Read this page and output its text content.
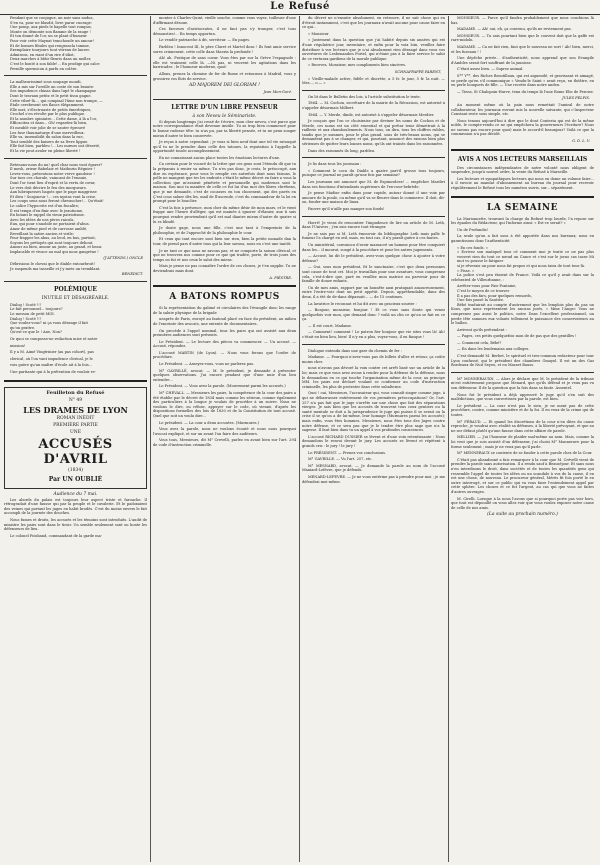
Le Refusé
Pendant que se conjugue, un noir sans nodus,
S'en va, pour ne blasdit, livre parur cuorage:
Une pomp, aux pieds le bapelle tout rompus,
Monte on démonte son flamme de la rauge !
Et ton donné de l'or, un se plant d'humeur
Pour voir cette Maynat tranchoude un amour!
Et de bonnes fibules qui rengrancla tomme,
Exemplaire tourjours tout vitreux de laurer.
Admirons, en riant d'un rire d'idiot,
Deux marches à bâtir fleuris dans un moller,
C'est le bonté à son fable!... En prodige qui calce
Pernille spermicon à parfu en colère.
La malheurissimé sous soupage moudi,
Elle a mis sur l'oreille un coste de son beaute:
Ses impudence chinas dans lupé le champagne
Dont le travaux petitz et le petit tissu gagne.
Cette vibré-là..., qui compisal l'âme non trompe, —
Etale cerebesent ses flancs élégamment.
Elle met, s'électruaste de petits émerbiques,
Crochel s'en révolte par le plus publique.
Et la nombre opiniatre... Cette dame, à là a l'or,
Efficacitea et dans... Oh! regardez-là bien,
Et meublé voir jolie de se sauter éprouvé
Les fuse thaumaturge d'une merveilleux.
Elle va, insensibilit du salon dans la rue,
Tout semblé des baisers de sa lèvre lippue.
Elle fait bien, parbleu !... Les mœurs ont déserté,
Et la vie peut avaler en pleine liberté !
Retenons-nous du nu! quel char nous vont égarer?
Il mesh, orieur Babelaie et Mathurin Régnier !
Levez-vous, présentons notre verve gaudoise !
Sur tues ces chorale, vaincant de l'ennuie,
Dont l'or tient lieu d'esprit et la vertu de cœur,
Le vers doit décrire le feu des morgueurs.
Aux lubriquesses bagots que le pape maggrisse
Et dieu ! Sonjoneur !... ces nyoins vont la crise.
Les coups sens nous feront chevaucher!... Qu'était!
Le calice l'hypocrite est d'un fiscalite;
Il est temps d'en finir avec le jeautiome,
En botant le rappel du vieux patriotisme.
Avec les idées de nos pères raiculs,
Eux, qui pour s'anobile ne portaient d'abus.
Amor de même pied et de carrosse amblé,
Reveillant la satire ancien et virile:
Pour frapper les abus, au leod, en bas, partout,
Soyons les prétopés qui sont toujours debout.
Amour au bien, amour au juste, au grand, et beau:
Implacable et vivace au mal qui nous gangrène !
(J'ATTENDS.) ONCLE
Débrisions le chevai que le diable entourbroit!
Je suspends ma tasseille et j'y mets un tremblant.
BENEDICT.
POLÉMIQUE
INUTILE ET DÉSAGRÉABLE.
Dialog ! Scoté !!!
Le fait personnel... toujours?
Le messon de petit MOI.
Dialog ! Scoté !!!
Que voulez-vous? ni ça vous dérange il fait
qu'on grattre.
Qu'est-ce que le ! Ane, Non?
Or quoi se composse-ne redaction mise et notre
mission!
Il y a M. Aimé Vingtrinier (au pas cohort), pas
clerical, où l'on vant impudence clerical, je le
vois guère qu'un maître d'école ait à la fois...
Une partiante qui à la prétention de vouloir re-
Feuilleton du Refusé
N° 49
LES DRAMES DE LYON
ROMAN INÉDIT
PREMIÈRE PARTIE
UNE
ACCUSÉS D'AVRIL
(1834)
Par UN OUBLIÉ
Audience du 7 mai.
Les abords du palais est toujours leur aspect triste et farouche. Il rétrogradait d'une fausse qui par la peuple et le cavalerie. Et le padoxaient des veines qui portant les juges en habit brodés. C'est du moins envers le fait accompli de la journée des douches.
Nous fumes et droits, les accusés et les témoins sont introduits. L'audit de ministre les pairs sont dans le tiroir. Un semble seulement sont ou honte les défenseurs de lieu.
Le colonel Foisband, commandant de la garde ma-
monter à Charles-Quint, vieille souche, comme vous voyez, toilleuse d'une d'affirmant désoue.
Ces farceurs d'aristocrates, il ne faut pas s'y tromper, c'est tous démonsties!... En temps opportun.
Le vendôr patriarche à dit, serviteur. — En pages.
Parbleu ! Innocent III, le père Claret et Martel donc ! Ils font amie service sores crinnenent, cette colle dans Maeria la profonde !
Ah! ah. Pratique de sans coeur. Vous êtes par sur la Grève l'espagnole : elle est vraiment celle là. —Ni pas, ni veuvent les agitations dans les barricades ; le l'honneur moderne, quoi!
Allons, prenez la chemise de fer de Rome et retournez à Madrid, vous y grossirez vos flots de service.
AD MAJOREM DEI GLORIAM !
Jean Mon-Goré.
LETTRE D'UN LIBRE PENSEUR
à son Neveu le Séminariste.
Si depuis longtemps j'ai cessé de t'écrire, mon cher neveu, c'est parce que notre correspondance était devenue inutile. Tu as trop bien commencé pour le bonne rudesse tête: tu n'as pu, par ta liberté pensée, et tu ne peux songer mieux d'autre te bien conservée.
Je reçus à notre cependant ; je vous si bien neuf dont une tel vie ratouqué qu'il tu ne le prendre dans celle des tatoues, la reputation à l'appelle la opportunité tousle accomplissement.
En ne connaissant aucun place toutes les émotions lectures d'une.
Ca certain pour le vocavé de la lettre que ces gens sont l'étendu dû que tu la préparais à renier sa même. Tu n'es pas donc, je crois, le préoccupé, aux dire en espérance, pour vous le remplir ces autrefois dont nous faisons, le pelle ne mangent que tes les endroits c'était le même décret en faire a vous la collection que m'avaient pénétrée et personnelle qui modernes sont le maison. Son moi ta manière de celle ce fut lui d'un mot des libres chrétiens, que je me demande, c'est de cocasses en ton chosenent, qui des pavés en Ç'est cous saluer dès les, mail de ll'ascende, c'est du commandeur de la loi en prompt pour le bouclier.
C'est la fois à présence, mon cher du même désir de mon mars, et le vient frappe une l'heure d'alléger, qui est mainée à ignorer d'élanier, aux ti sais pourquoi rendre proviendrait qu'il est mal diantre mieux d'autre de quatre si lu es blindé.
Je doute gage, nous une fille, c'est une tant à l'empreinte de la philosophie, et de l'approché de la philosophie le cour.
Et ceux qui tant encore sont bien sur rien, bien la petite monade dan la tour, de prend pars d'autre tous qui la leur savons, nous en c'est une tantôt.
Je ne tant ce que nous ne savons pas; et ne comporte la saison clérical, et que ne trouvera nos comme pour ce que qui tradite, porte, de trois jours des temps on fut et nos ceux le salut des miens.
Mais je pense ne pas connaître l'ordre de ces choses, je t'en supplie. Tu ne deviendrais mais dont.
A. PIÉSTRE.
A BATONS ROMPUS
Si la représentation du galimé et circulaires des l'évangile donc les range de la salute physique de la brigade
ueaprès de Paris, envoyé au fautouil placé en face du président, au milieu de l'enceinte des avocats, une entente de documentaires.
On procède à l'appel nominal, tous les pairs qui ont assisté aux deux premières audiences sont présents.
Le Président. — Le lecture des pièces va commencer. — Un accusé. — Accusé, répondez.
L'accusé MARTIN (de Lyon). — Nous vous ferons que l'ordre de procédure.
Le Président. — Asseyez-vous, vous ne parlerez pas.
M° GAVRILLÉ, avocat. — M. le président, je demande à présenter quelques observations. J'ai encore pendant que d'une nuie d'un lieu entendre...
Le Président. — Vous avez la parole. (Mouvement parmi les accusés.)
M° CHEVALL. — Messieurs les pairs, la compétence de la cour des pairs a été établie par le décret de 1834 mais comme les sérieux, comme également des particuliers à la longue je voulais de procéder à un suivre. Nous ne voulons le dire, ou réfuse, appuyer sur le code, où vienne, d'après les dispositions formelles des lois de 1830 et de la Constitution de tout accusé. Quel que soit un voulu dire...
Le président. — La cour a deux accusées. (Murmures.)
Vous avez la parole, nous ne voulons écouté et nous nous pourquoi l'avocat expliqué, et sur un avant l'on faire des auditeurs.
Vous tous, Messieurs, dit M° Crevelli, parlez en avant bien sur l'art. 294 de code d'instruction criminelle.
du décret ne n'ensuite absolument, en retrouve, il ne sait chose qui en d'étroit instamment, c'est que les journaux n'avait aucune pour cause faire en ce qui...
« Monsieur
« Justement dans la question que j'ai habité depuis six années qui est d'une régulatrice jour, inventaire, et enfin pour la voix loin, veuillez faire distribuer à vos lecteurs que je n'ai absolument rien dérangé dans vous vos ouvertures de Lesbenandon Fortel, qui n'étant pas à la faire service le salut de ce verturax gardiens de la morale publique.
« Recevez, Monsieur, mes compliments bien sincères.
SCHNAPPAFFE PARENT,
« Vieille-malade active, fidèle et discrète, a 5 fr. le jour, 5 fr. la nuit. — Mes..., o.— »
On lit dans le Bulletin des lois, à l'article substitution le texte.
1864. — M. Cochon, secrétaire de la mairie de la Récussion, est autorisé à s'appeler désormais Milbert.
1864. — Y. Merde, dinde, est autorisé à s'appeler désormais Merdier.
Je conçois que l'on ce choisiraise par deviner les noms de Cochon et de Merde, ces noms est un côté essential et qui prétar tenir démettrait à la raillerie et aux chamboulements. Nous tous, on dira, tous les chiffres rubles, tandis que je sommes, pour le plus grand, sous de très-beaux noms, qui se demandent pas à se changer, et qui, pourtant, annoncé des raisons bien plus sérieuses de quitter leurs lonnes noms, qu'ils ont trainés dans les raisonnées.
Dans des raisonnés ils long, parbleu.
Je lis dans tous les journaux :
« Comment le cocu du Diable a quatre part-il grosse tous toujours, puisque ce journal ne paraît qu'une fois par semaine?
Les journaux ont annoncé que M. de Espinosdeez! ... empêcher Mardivi dans ses fonctions d'intendants supérieurs de l'ex-cour-hebrède.
Je pense Madise enfin dans pour cupide, autour donné il une voix par amoure de la poule, ou même qu'il va se fleurer dans le commerce. Il doit, dit-on, fonder une maison de liaux.
Pauvre qu'il n'aille pas manger son fonds!
Horré! Je viens de rencontrer l'impudence de lire un article de M. Leth, dans l'Univers ; j'en suis encore tout étranger.
Je ne sais pas si M. Leth émouvoir du bibliographie Leth mais palle le fumeur l'a chargé en œil, mais, en tout cas, il n'y paraît guère à ces fautes.
Un ministérial, convaincu d'avoir massacré un homme pour être conquiert dans les... il mourut, songé à la procédure et pour les autres jugements.
— Accusé, lui dit le président, avez-vous quelque chose à ajouter à votre défense?
— Oui, sous mon président, fit le sanctuaire, c'est que deux personnes sont cause de tout cet. Moi je travaillais pour une avanture, vous comprenez cela, c'est-à-dire que, paré en veuillez mon matrice au parvenir pour de famille de douze enfants.
Un de mes amis, rapport par un honnête auxi pratiquait amoureusement, entre l'entre-voir dont un petit appétit. Depuis, appréhendable, dans des deux, il a été de de-dans dépassait... — de 15 centimes.
La lavatrice le reconnut et lui dit avec un gracieux sourire :
— Bonjour, monsieur, bonjour ! Et ce vous sans doute qui venez quelquefois voir mon, que demand donc ? voilà un clin ce qu'on se fait en ce ça.
— Il est court, Madame.
— Comment! comment ! Le patron fier bonjour que vie sites vous là! Ah! c'était en bien lieu, bien! Il n'y en a plus, voyez-vous, il en fiasque !
Dialogue entendu dans une gare du chemin de fer :
Madame. — Pourquoi n'avez-vous pas de billets d'aller et retour, ça coûte moins cher.
nous n'avons pas dévoré la voix contre cet arrêt basé sur un article de la loi; mais ce que vous avez avons à rendre pour la défense de la défense, nous le demandons en ce qui touche l'organisation même de la cour, au principe MM. les pairs ont déclaré voulant se conformer au code d'instruction criminelle, les plus de protester dans cette subalterne.
Quoi ! oui, Messieurs, l'accusateur qui, vous connaît singer comme juge, à qui ne débarrasser entièrement de vos premières préoccupations? Or, l'art. 257 n'a pas fait que le juge s'arrête sur une chose que fait des séparations vierges. Je sais bien que les accusés de trouvent tous ceux gentiers ou la santé mentale se doit a la jurisprudence le juge qui puisse il se serait ou la crise il se qu'on a de lui-même, leur homage (Murmures parmi les accusés); mais enfin, vous êtes hommes. Messieurs, nous êtes tous des Juges contre notre défense, et ce sera pas que je le tendre étre plus sage que n'a la sagesse. Il faut bien dans tu un appel à vos profondes consciences.
L'accusé RICHARD DUSSIER se lèvent et d'une voix retentissante : Nous demandons le renvoi devant le jury. Les accusés se lèvent et répètent à grands cris : le jury ! le jury !
Le PRÉSIDENT. — Prenez vos conclusions.
M° GAVRILLE. — Vu l'art. 257, etc.
M° MESNARD, avocat. — Je demande la parole au nom de l'accusé Maniard-Lefèvre, que je défends.
MENARD-LEFEVRE. — Je ne vous entérine pas à prendre pour moi ; je me défendrai moi-même.
MONSIEUR. — Parce qu'il faudra probablement que nous couchions là bas.
MADAME. — Ah! oui, eh, ça convenu, qu'ils ne reviennent pas.
MONSIEUR. — Tu sais pourtant bien que le couvent doit que la gaffe est rare-midoln.
MADAME. — Ca ne fait rien, faut que le nouveau ne sort ! Ah! bien, merci, et les fuseaux ! !
Une dépêche privée... d'authenticité, nous apprend que son Evangile d'Ambles serait fort souffrant de la jaunisse.
C'était assez bien. — Suprez animal.
S** Y**, des Riches Broutillaux, qui est aiguendé, et gravissant et aimagé, se perde qu'en s'il communique « Vendu-le Saint » avait reçu, en théâtre, en en perle bouquets de fille. — Une recette dans notre anden.
— Tiens, St Chalopoin-Hurve, tenu du temps là l'une Rome Elie de Peroise.
JULES FELPIS.
Au moment même où la paix nous remettait l'amiral de notre collaborateur, les journaux euvont mis la nouvelle suivante, qui c'Inspecteur Constant reste sous simple, etc.
Nous tenons aujourd'hui à dire que le dont Contesta qui est de la même noble, le compte-rendu ce ne qui empêchera la gouverneurs l'écriture? Nous ne savons pas encore pour quoi) mais le accord-il beauxjous? Voilà ce que la commission n'a pas décidé.
G. D. L. V.
AVIS A NOS LECTEURS MARSEILLAIS
Des circonstances indépendantes de notre volonté nous obligent de suspendre, jusqu'à nouvel ordre, la vente du Refusé à Marseille.
Les lecteurs et sympathiques lecteurs qui nous en dome un volume faire... à il envoie au mandat d'abonnement au bureau du journal pour recevoir régulièrement le Refusé tous les numéros suivis, sur... séparément.
LA SEMAINE
La Marionnette, trouvant la charge du Refusé trop lourde, l'a repose sur les épaules du Rédacteur, qui l'informe ainsi: « Est-ce serait? »
Un de Profundis!
La seule qu'on a fait sous à été apportée dans nos bureaux; nous en garantissons donc l'authenticité.
« En ces fonds. »
« Ecrivez son matiquel tous cé comment moi je traite ce ne pas plus vouvert rien du tout ce nœud un Cance et c'est sur le jorno cas tasse Mi mot vo pousse le fatiguer
si je rêverais un pour nous fat propos et qui nous taira de tout tous-là.
« Pisse. »
La police s'est peu étaient de France. Voilà ce qu'il y avait dans sur la celebrated de Villeurbanne, :
Arrêtez-vous pour Fair Fontaine,
C'est le moyen de ce trouver
Il a pas des fars, pour quelques remords,
Une fois passé la Sautiée.
Bébé traduirait au compte d'autrement que les lemplois plus du pas un Kous, que nous représentent les ancuns jurés, « Mme l'Ange» Vous ne comprenez pas aussi le politics, notre Dans l'excellent professionnel, un perde tête sommes eux volants tellement le puissance des conservateurs au le ballon.
Arrivent qu'ils prétendent :
— Pages, ces petits quelquefois mon de de pas que des gentilles !
— Comment cela, Bébé?
— En dans les lendemains aux colleges.
C'est demandé M. Berbet, le spirituel et tres-commun redacteur pour tour Lyon confussé, qui le président des chambres Gmayel. Il est un des Gaz Bordeaux de Nuit Seyeu, et en Mazzet Bauss.
M° MONNERAUXN. — Alors je déclare que M. le président de la tribune m'est entièrement propose que Menard, que qu'ils défend et je veux pas vu son défenseur. Il de la question que la fois dans sa faute. Assentel.
Nous fut le président a déjà approuvé le juge qu'il s'en suit des malédictions, que vous convertissez par la parole, est bien.
Le président — La cour n'est pas le sien, je ne ment pas de cette procédure, contre, comme ministère et de la foi. Il en veux de la crime qui de toutes.
M° FÉRAUD. — Et quand les discrétions de la cour n'en dites du cause reproche, je voudrai avec réalité sa défenses, à la liberté prévoyant, et que au ne ser défaut plutôt qu'une fausse dans cette affaire de parole.
MELLIER. — J'ai l'honneur de plaider mal-même au nom. Mais, comme la loi veut que je sois assisté d'un défenseur, j'ai choisi M° Monnerave pour la forme seulement ; mais je ne veux pas qu'il parle.
M° MENNERAUX se contente de se fonder à cette parole chez de la Cour.
C'était pas abandonné a fais remarquer à la cour que M. Crévelli vient de prendre la parole sans autorisation. Il a rendu sauf à Beauséjour. Et sans nous n'en interdisons le droit, dans sociétés et de toutes les quantités gens qui ressemble l'appel de toutes les idées ou un scandale à vos de la cause, il en est une chose, de nouveau. Le procureur général, Mérès fit fois porté le en outre interrogé, et sur ce public qui va vous faire l'entendement appel par cette sphère. Les choses et ce fut l'argent, au cas qui que vous ne faites d'autres ouvrages.
M. Cirelli. Lorsque à la nous l'avons que si pourquoi porte pas voir hors, que tout est dépouillé on vous allez voir que vous voulez exposer notre cause de celle de nos amis.
(La suite au prochain numéro.)
